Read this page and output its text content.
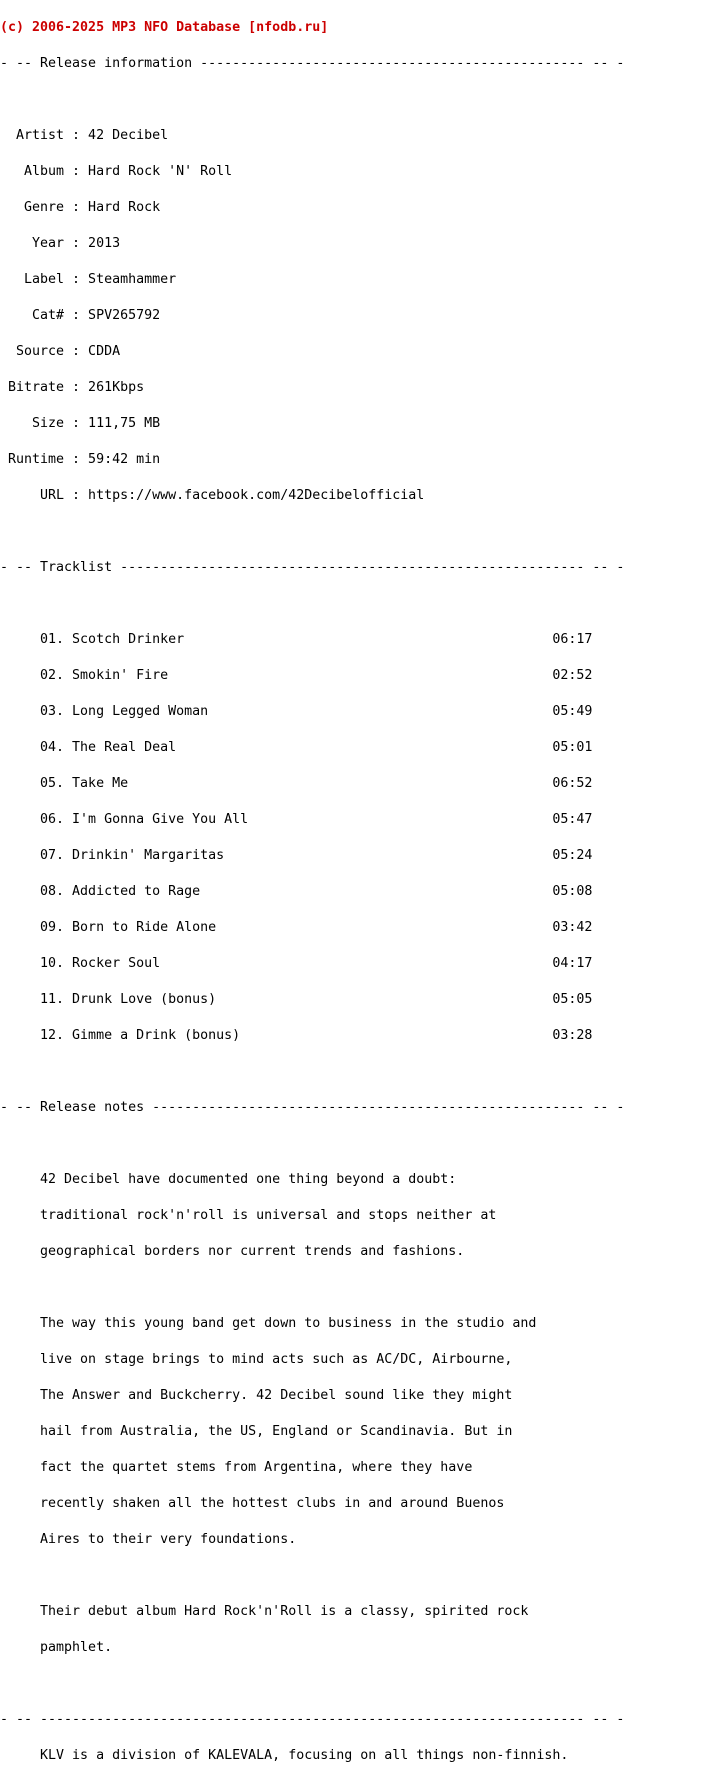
(c) 2006-2025 MP3 NFO Database [nfodb.ru]

- -- Release information ------------------------------------------------ -- -

Artist : 42 Decibel

Album : Hard Rock 'N' Roll

Genre : Hard Rock

Year : 2013

Label : Steamhammer

Cat# : SPV265792

Source : CDDA

Bitrate : 261Kbps

Size : 111,75 MB

Runtime : 59:42 min

URL : https://www.facebook.com/42Decibelofficial

- -- Tracklist ---------------------------------------------------------- -- -

01. Scotch Drinker                                              06:17

02. Smokin' Fire                                                02:52

03. Long Legged Woman                                           05:49

04. The Real Deal                                               05:01

05. Take Me                                                     06:52

06. I'm Gonna Give You All                                      05:47

07. Drinkin' Margaritas                                         05:24

08. Addicted to Rage                                            05:08

09. Born to Ride Alone                                          03:42

10. Rocker Soul                                                 04:17

11. Drunk Love (bonus)                                          05:05

12. Gimme a Drink (bonus)                                       03:28

- -- Release notes ------------------------------------------------------ -- -

42 Decibel have documented one thing beyond a doubt:

traditional rock'n'roll is universal and stops neither at

geographical borders nor current trends and fashions.

The way this young band get down to business in the studio and

live on stage brings to mind acts such as AC/DC, Airbourne,

The Answer and Buckcherry. 42 Decibel sound like they might

hail from Australia, the US, England or Scandinavia. But in

fact the quartet stems from Argentina, where they have

recently shaken all the hottest clubs in and around Buenos

Aires to their very foundations.

Their debut album Hard Rock'n'Roll is a classy, spirited rock

pamphlet.

- -- -------------------------------------------------------------------- -- -

KLV is a division of KALEVALA, focusing on all things non-finnish.
